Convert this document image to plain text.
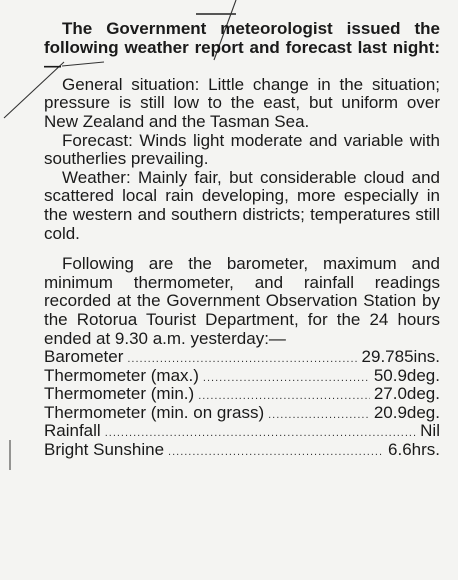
The Government meteorologist issued the following weather report and forecast last night:—

General situation: Little change in the situation; pressure is still low to the east, but uniform over New Zealand and the Tasman Sea.

Forecast: Winds light moderate and variable with southerlies prevailing.

Weather: Mainly fair, but considerable cloud and scattered local rain developing, more especially in the western and southern districts; temperatures still cold.

Following are the barometer, maximum and minimum thermometer, and rainfall readings recorded at the Government Observation Station by the Rotorua Tourist Department, for the 24 hours ended at 9.30 a.m. yesterday:—

Barometer .....	29.785ins.
Thermometer (max.) .....	50.9deg.
Thermometer (min.) .....	27.0deg.
Thermometer (min. on grass) .....	20.9deg.
Rainfall .....	Nil
Bright Sunshine .....	6.6hrs.
